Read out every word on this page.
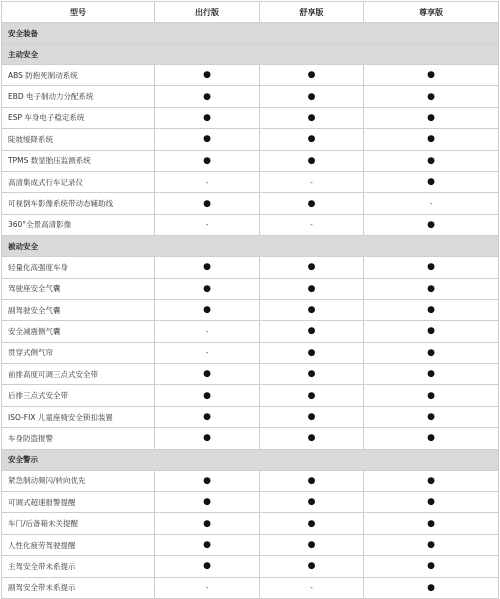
型号	出行版	舒享版	尊享版
安全装备			
主动安全			
ABS 防抱死制动系统	●	●	●
EBD 电子制动力分配系统	●	●	●
ESP 车身电子稳定系统	●	●	●
陡坡缓降系统	●	●	●
TPMS 数显胎压监测系统	●	●	●
高清集成式行车记录仪	-	-	●
可视倒车影像系统带动态辅助线	●	●	-
360°全景高清影像	-	-	●
被动安全			
轻量化高强度车身	●	●	●
驾驶座安全气囊	●	●	●
副驾驶安全气囊	●	●	●
安全减震侧气囊	-	●	●
贯穿式侧气帘	-	●	●
前排高度可调三点式安全带	●	●	●
后排三点式安全带	●	●	●
ISO-FIX 儿童座椅安全锁扣装置	●	●	●
车身防盗报警	●	●	●
安全警示			
紧急制动频闪/转向优先	●	●	●
可调式超速报警提醒	●	●	●
车门/后备箱未关提醒	●	●	●
人性化疲劳驾驶提醒	●	●	●
主驾安全带未系提示	●	●	●
副驾安全带未系提示	-	-	●
